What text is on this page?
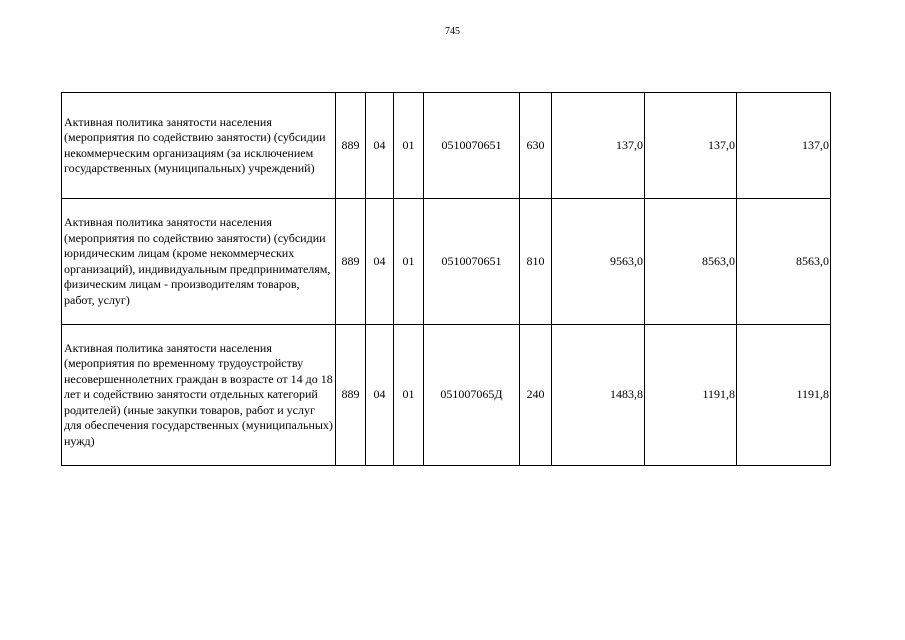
745
Активная политика занятости населения (мероприятия по содействию занятости) (субсидии некоммерческим организациям (за исключением государственных (муниципальных) учреждений)	889	04	01	0510070651	630	137,0	137,0	137,0
Активная политика занятости населения (мероприятия по содействию занятости) (субсидии юридическим лицам (кроме некоммерческих организаций), индивидуальным предпринимателям, физическим лицам - производителям товаров, работ, услуг)	889	04	01	0510070651	810	9563,0	8563,0	8563,0
Активная политика занятости населения (мероприятия по временному трудоустройству несовершеннолетних граждан в возрасте от 14 до 18 лет и содействию занятости отдельных категорий родителей) (иные закупки товаров, работ и услуг для обеспечения государственных (муниципальных) нужд)	889	04	01	051007065Д	240	1483,8	1191,8	1191,8
